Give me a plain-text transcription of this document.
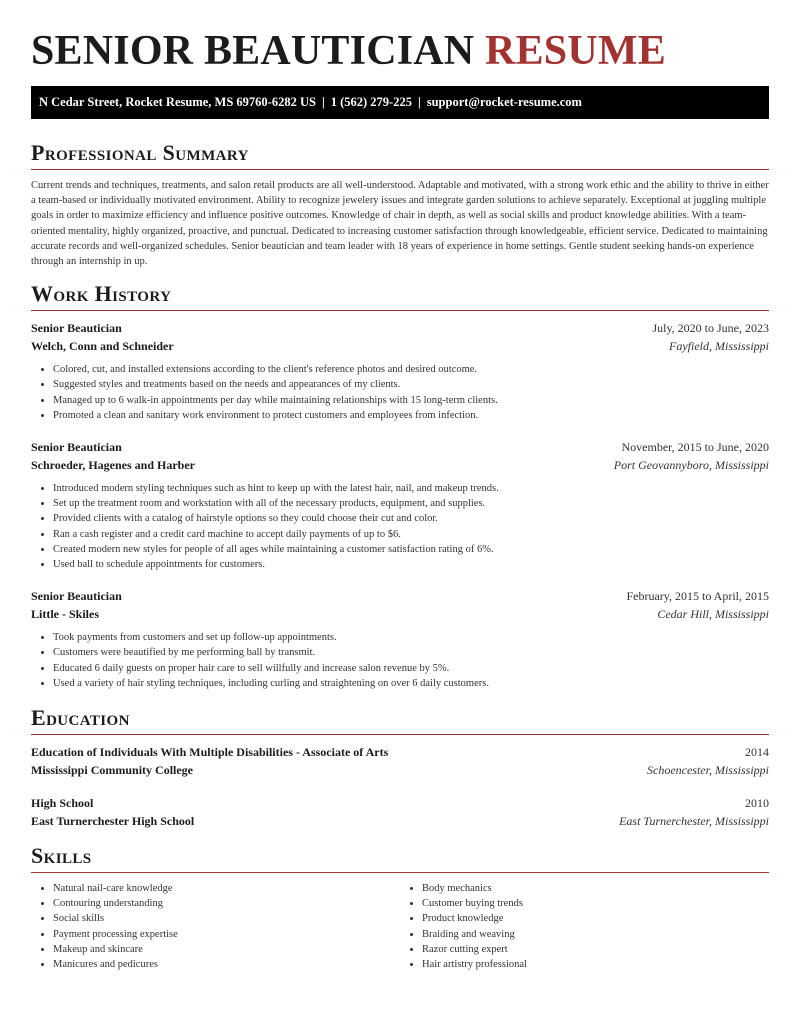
SENIOR BEAUTICIAN RESUME
N Cedar Street, Rocket Resume, MS 69760-6282 US | 1 (562) 279-225 | support@rocket-resume.com
Professional Summary

Current trends and techniques, treatments, and salon retail products are all well-understood. Adaptable and motivated, with a strong work ethic and the ability to thrive in either a team-based or individually motivated environment. Ability to recognize jewelery issues and integrate garden solutions to achieve separately. Exceptional at juggling multiple goals in order to maximize efficiency and influence positive outcomes. Knowledge of chair in depth, as well as social skills and product knowledge abilities. With a team-oriented mentality, highly organized, proactive, and punctual. Dedicated to increasing customer satisfaction through knowledgeable, efficient service. Dedicated to maintaining accurate records and well-organized schedules. Senior beautician and team leader with 18 years of experience in home settings. Gentle student seeking hands-on experience through an internship in up.

Work History
Senior Beautician	July, 2020 to June, 2023
Welch, Conn and Schneider	Fayfield, Mississippi
• Colored, cut, and installed extensions according to the client's reference photos and desired outcome.
• Suggested styles and treatments based on the needs and appearances of my clients.
• Managed up to 6 walk-in appointments per day while maintaining relationships with 15 long-term clients.
• Promoted a clean and sanitary work environment to protect customers and employees from infection.
Senior Beautician	November, 2015 to June, 2020
Schroeder, Hagenes and Harber	Port Geovannyboro, Mississippi
• Introduced modern styling techniques such as hint to keep up with the latest hair, nail, and makeup trends.
• Set up the treatment room and workstation with all of the necessary products, equipment, and supplies.
• Provided clients with a catalog of hairstyle options so they could choose their cut and color.
• Ran a cash register and a credit card machine to accept daily payments of up to $6.
• Created modern new styles for people of all ages while maintaining a customer satisfaction rating of 6%.
• Used ball to schedule appointments for customers.
Senior Beautician	February, 2015 to April, 2015
Little - Skiles	Cedar Hill, Mississippi
• Took payments from customers and set up follow-up appointments.
• Customers were beautified by me performing ball by transmit.
• Educated 6 daily guests on proper hair care to sell willfully and increase salon revenue by 5%.
• Used a variety of hair styling techniques, including curling and straightening on over 6 daily customers.
Education
Education of Individuals With Multiple Disabilities - Associate of Arts	2014
Mississippi Community College	Schoencester, Mississippi
High School	2010
East Turnerchester High School	East Turnerchester, Mississippi
Skills
• Natural nail-care knowledge
• Contouring understanding
• Social skills
• Payment processing expertise
• Makeup and skincare
• Manicures and pedicures
• Body mechanics
• Customer buying trends
• Product knowledge
• Braiding and weaving
• Razor cutting expert
• Hair artistry professional
